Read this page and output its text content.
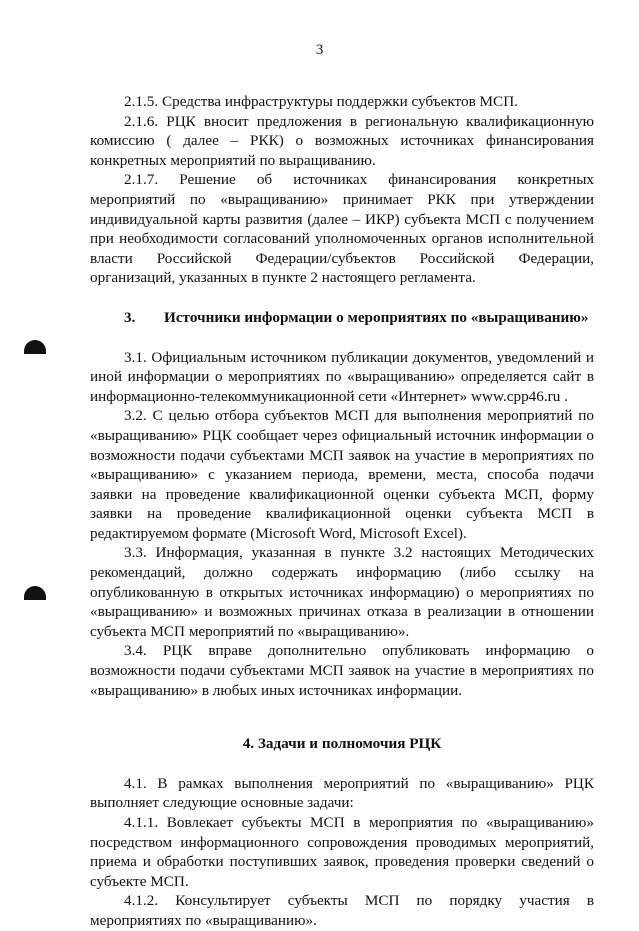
3

2.1.5. Средства инфраструктуры поддержки субъектов МСП.

2.1.6. РЦК вносит предложения в региональную квалификационную комиссию ( далее – РКК) о возможных источниках финансирования конкретных мероприятий по выращиванию.

2.1.7. Решение об источниках финансирования конкретных мероприятий по «выращиванию» принимает РКК при утверждении индивидуальной карты развития (далее – ИКР) субъекта МСП с получением при необходимости согласований уполномоченных органов исполнительной власти Российской Федерации/субъектов Российской Федерации, организаций, указанных в пункте 2 настоящего регламента.

3. Источники информации о мероприятиях по «выращиванию»

3.1. Официальным источником публикации документов, уведомлений и иной информации о мероприятиях по «выращиванию» определяется сайт в информационно-телекоммуникационной сети «Интернет» www.cpp46.ru .

3.2. С целью отбора субъектов МСП для выполнения мероприятий по «выращиванию» РЦК сообщает через официальный источник информации о возможности подачи субъектами МСП заявок на участие в мероприятиях по «выращиванию» с указанием периода, времени, места, способа подачи заявки на проведение квалификационной оценки субъекта МСП, форму заявки на проведение квалификационной оценки субъекта МСП в редактируемом формате (Microsoft Word, Microsoft Excel).

3.3. Информация, указанная в пункте 3.2 настоящих Методических рекомендаций, должно содержать информацию (либо ссылку на опубликованную в открытых источниках информацию) о мероприятиях по «выращиванию» и возможных причинах отказа в реализации в отношении субъекта МСП мероприятий по «выращиванию».

3.4. РЦК вправе дополнительно опубликовать информацию о возможности подачи субъектами МСП заявок на участие в мероприятиях по «выращиванию» в любых иных источниках информации.

4. Задачи и полномочия РЦК

4.1. В рамках выполнения мероприятий по «выращиванию» РЦК выполняет следующие основные задачи:

4.1.1. Вовлекает субъекты МСП в мероприятия по «выращиванию» посредством информационного сопровождения проводимых мероприятий, приема и обработки поступивших заявок, проведения проверки сведений о субъекте МСП.

4.1.2. Консультирует субъекты МСП по порядку участия в мероприятиях по «выращиванию».
